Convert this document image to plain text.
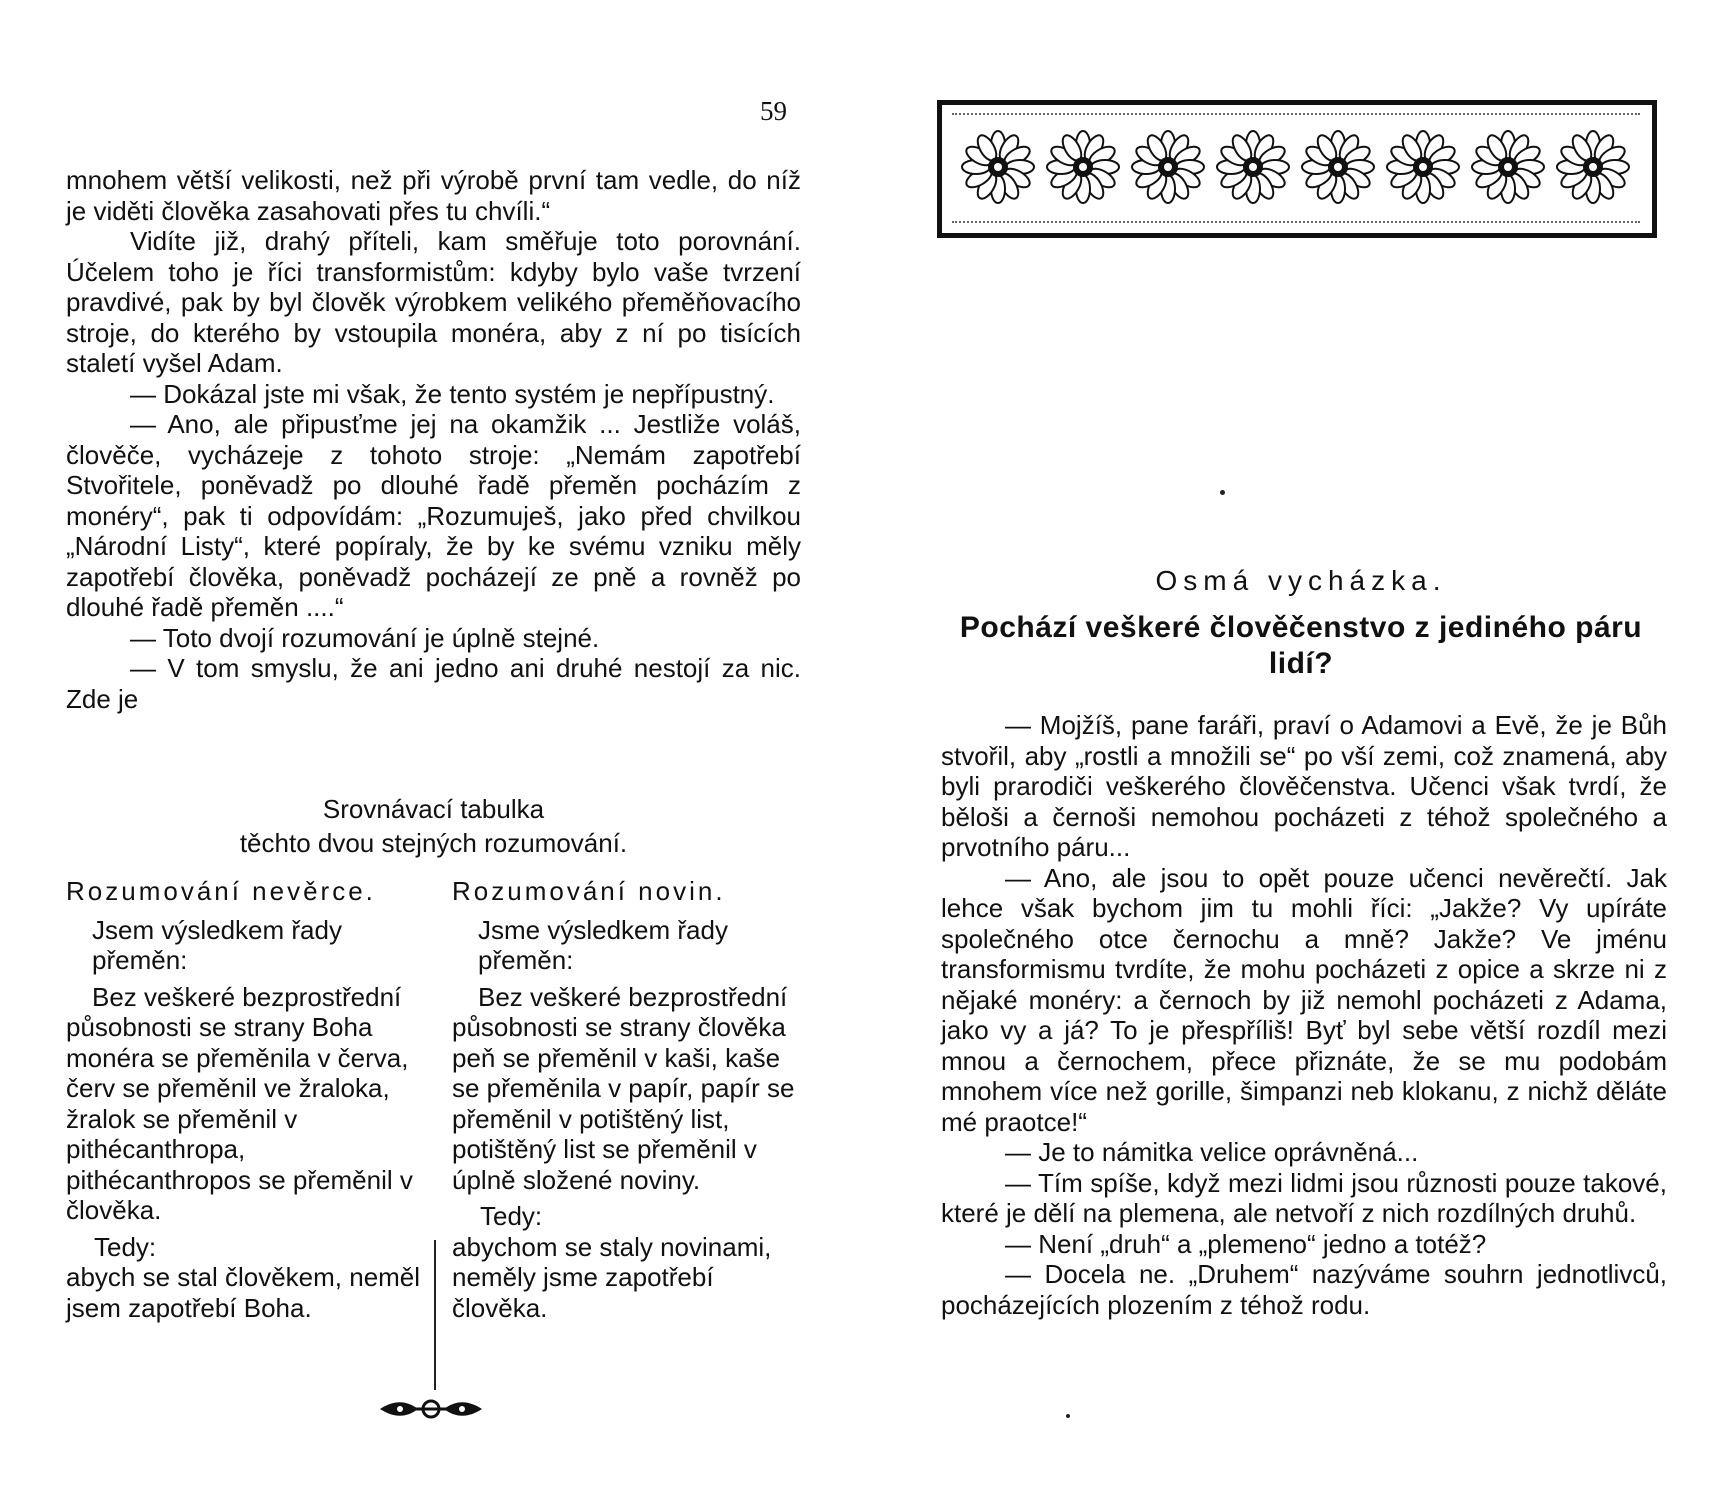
59

mnohem větší velikosti, než při výrobě první tam vedle, do níž je viděti člověka zasahovati přes tu chvíli.“

Vidíte již, drahý příteli, kam směřuje toto porovnání. Účelem toho je říci transformistům: kdyby bylo vaše tvrzení pravdivé, pak by byl člověk výrobkem velikého přeměňovacího stroje, do kterého by vstoupila monéra, aby z ní po tisících staletí vyšel Adam.

— Dokázal jste mi však, že tento systém je nepřípustný.

— Ano, ale připusťme jej na okamžik ... Jestliže voláš, člověče, vycházeje z tohoto stroje: „Nemám zapotřebí Stvořitele, poněvadž po dlouhé řadě přeměn pocházím z monéry“, pak ti odpovídám: „Rozumuješ, jako před chvilkou „Národní Listy“, které popíraly, že by ke svému vzniku měly zapotřebí člověka, poněvadž pocházejí ze pně a rovněž po dlouhé řadě přeměn ....“

— Toto dvojí rozumování je úplně stejné.

— V tom smyslu, že ani jedno ani druhé nestojí za nic. Zde je

Srovnávací tabulka
těchto dvou stejných rozumování.
Rozumování nevěrce.
Jsem výsledkem řady přeměn:
Bez veškeré bezprostřední působnosti se strany Boha monéra se přeměnila v červa, červ se přeměnil ve žraloka, žralok se přeměnil v pithécanthropa, pithécanthropos se přeměnil v člověka.
Tedy:
abych se stal člověkem, neměl jsem zapotřebí Boha.
Rozumování novin.
Jsme výsledkem řady přeměn:
Bez veškeré bezprostřední působnosti se strany člověka peň se přeměnil v kaši, kaše se přeměnila v papír, papír se přeměnil v potištěný list, potištěný list se přeměnil v úplně složené noviny.
Tedy:
abychom se staly novinami, neměly jsme zapotřebí člověka.
Osmá vycházka.
Pochází veškeré člověčenstvo z jediného páru lidí?

— Mojžíš, pane faráři, praví o Adamovi a Evě, že je Bůh stvořil, aby „rostli a množili se“ po vší zemi, což znamená, aby byli prarodiči veškerého člověčenstva. Učenci však tvrdí, že běloši a černoši nemohou pocházeti z téhož společného a prvotního páru...

— Ano, ale jsou to opět pouze učenci nevěrečtí. Jak lehce však bychom jim tu mohli říci: „Jakže? Vy upíráte společného otce černochu a mně? Jakže? Ve jménu transformismu tvrdíte, že mohu pocházeti z opice a skrze ni z nějaké monéry: a černoch by již nemohl pocházeti z Adama, jako vy a já? To je přespříliš! Byť byl sebe větší rozdíl mezi mnou a černochem, přece přiznáte, že se mu podobám mnohem více než gorille, šimpanzi neb klokanu, z nichž děláte mé praotce!“

— Je to námitka velice oprávněná...

— Tím spíše, když mezi lidmi jsou různosti pouze takové, které je dělí na plemena, ale netvoří z nich rozdílných druhů.

— Není „druh“ a „plemeno“ jedno a totéž?

— Docela ne. „Druhem“ nazýváme souhrn jednotlivců, pocházejících plozením z téhož rodu.
